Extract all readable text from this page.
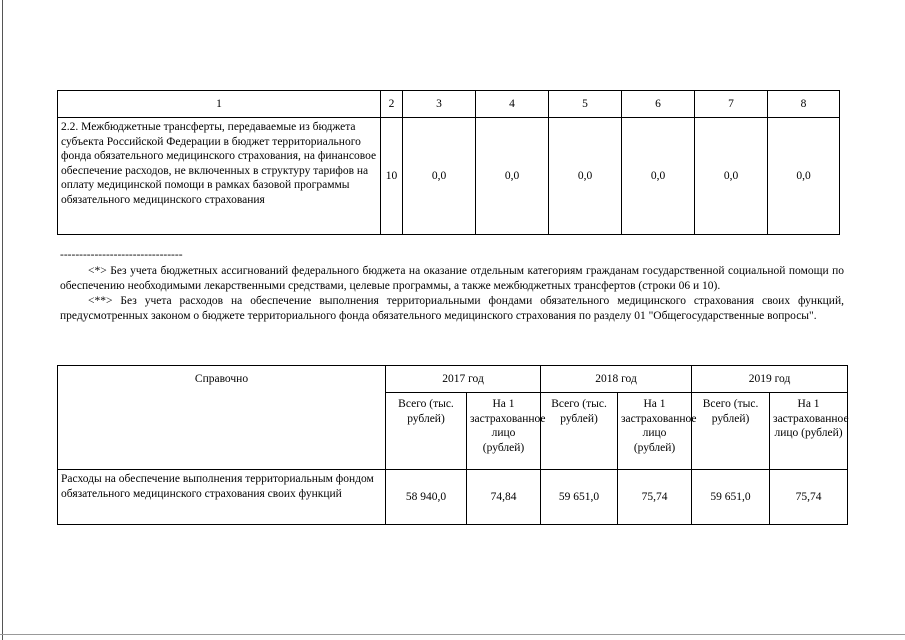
1	2	3	4	5	6	7	8
2.2. Межбюджетные трансферты, передаваемые из бюджета субъекта Российской Федерации в бюджет территориального фонда обязательного медицинского страхования, на финансовое обеспечение расходов, не включенных в структуру тарифов на оплату медицинской помощи в рамках базовой программы обязательного медицинского страхования	10	0,0	0,0	0,0	0,0	0,0	0,0
--------------------------------

<*> Без учета бюджетных ассигнований федерального бюджета на оказание отдельным категориям гражданам государственной социальной помощи по обеспечению необходимыми лекарственными средствами, целевые программы, а также межбюджетных трансфертов (строки 06 и 10).

<**> Без учета расходов на обеспечение выполнения территориальными фондами обязательного медицинского страхования своих функций, предусмотренных законом о бюджете территориального фонда обязательного медицинского страхования по разделу 01 "Общегосударственные вопросы".

Справочно	2017 год		2018 год		2019 год	
	Всего (тыс. рублей)	На 1 застрахованное лицо (рублей)	Всего (тыс. рублей)	На 1 застрахованное лицо (рублей)	Всего (тыс. рублей)	На 1 застрахованное лицо (рублей)
Расходы на обеспечение выполнения территориальным фондом обязательного медицинского страхования своих функций	58 940,0	74,84	59 651,0	75,74	59 651,0	75,74
